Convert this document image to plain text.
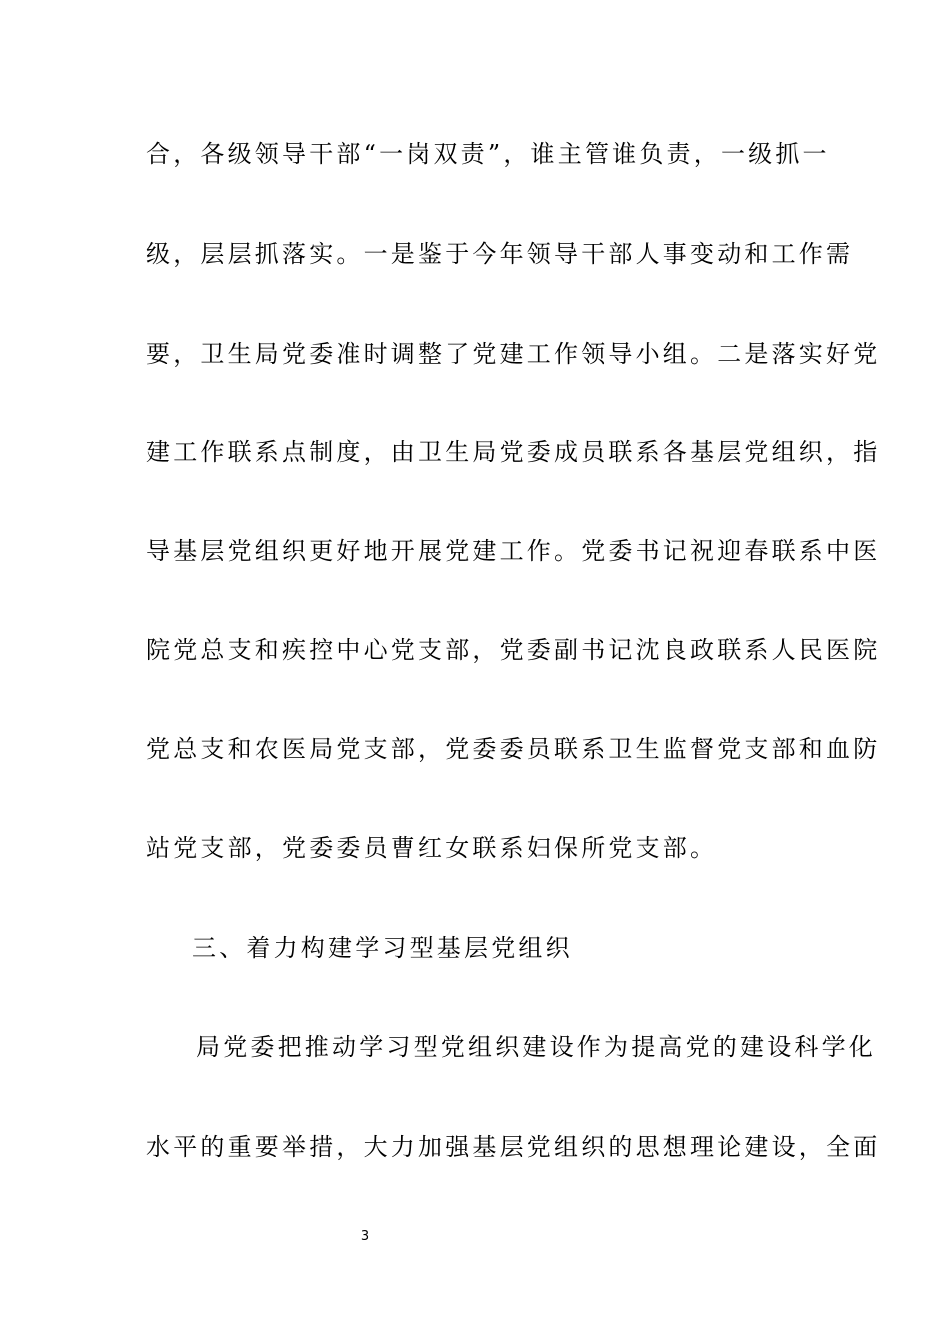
合，各级领导干部“一岗双责”，谁主管谁负责，一级抓一
级，层层抓落实。一是鉴于今年领导干部人事变动和工作需
要，卫生局党委准时调整了党建工作领导小组。二是落实好党
建工作联系点制度，由卫生局党委成员联系各基层党组织，指
导基层党组织更好地开展党建工作。党委书记祝迎春联系中医
院党总支和疾控中心党支部，党委副书记沈良政联系人民医院
党总支和农医局党支部，党委委员联系卫生监督党支部和血防
站党支部，党委委员曹红女联系妇保所党支部。
三、着力构建学习型基层党组织
局党委把推动学习型党组织建设作为提高党的建设科学化
水平的重要举措，大力加强基层党组织的思想理论建设，全面
3
